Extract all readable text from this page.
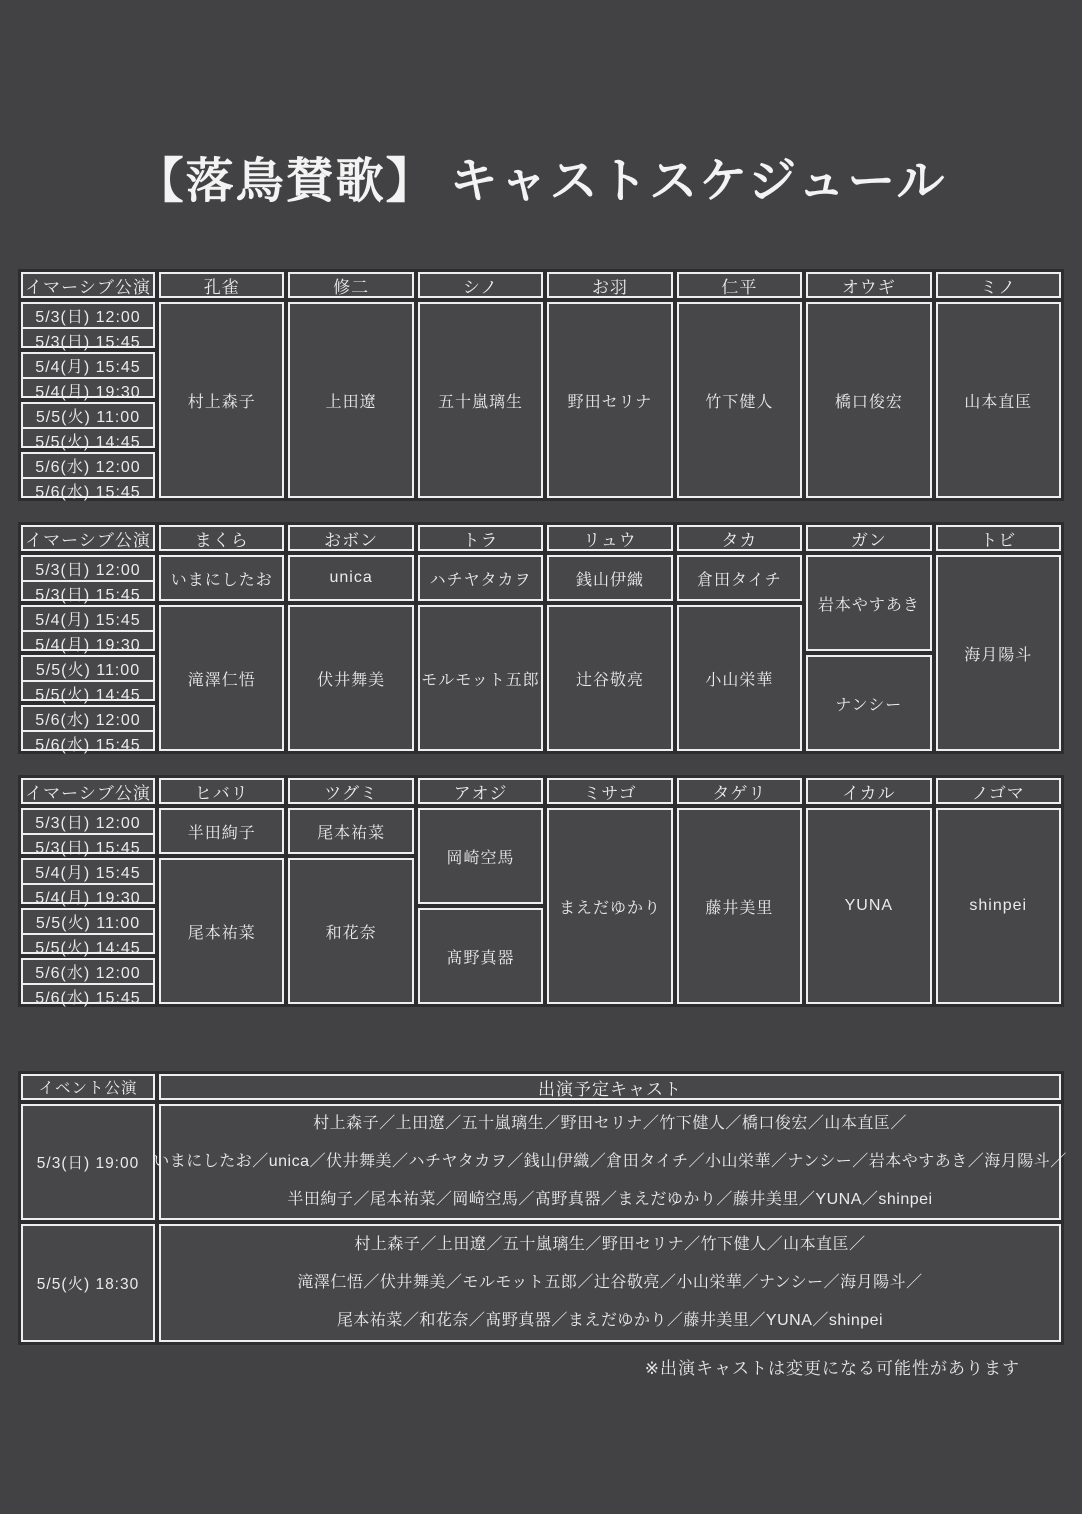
【落鳥賛歌】 キャストスケジュール
イマーシブ公演
5/3(日) 12:00
5/3(日) 15:45
5/4(月) 15:45
5/4(月) 19:30
5/5(火) 11:00
5/5(火) 14:45
5/6(水) 12:00
5/6(水) 15:45
孔雀
村上森子
修二
上田遼
シノ
五十嵐璃生
お羽
野田セリナ
仁平
竹下健人
オウギ
橋口俊宏
ミノ
山本直匡
イマーシブ公演
5/3(日) 12:00
5/3(日) 15:45
5/4(月) 15:45
5/4(月) 19:30
5/5(火) 11:00
5/5(火) 14:45
5/6(水) 12:00
5/6(水) 15:45
まくら
いまにしたお
滝澤仁悟
おボン
unica
伏井舞美
トラ
ハチヤタカヲ
モルモット五郎
リュウ
銭山伊織
辻谷敬亮
タカ
倉田タイチ
小山栄華
ガン
岩本やすあき
ナンシー
トビ
海月陽斗
イマーシブ公演
5/3(日) 12:00
5/3(日) 15:45
5/4(月) 15:45
5/4(月) 19:30
5/5(火) 11:00
5/5(火) 14:45
5/6(水) 12:00
5/6(水) 15:45
ヒバリ
半田絢子
尾本祐菜
ツグミ
尾本祐菜
和花奈
アオジ
岡崎空馬
髙野真器
ミサゴ
まえだゆかり
タゲリ
藤井美里
イカル
YUNA
ノゴマ
shinpei
イベント公演	出演予定キャスト
5/3(日) 19:00
村上森子／上田遼／五十嵐璃生／野田セリナ／竹下健人／橋口俊宏／山本直匡／
いまにしたお／unica／伏井舞美／ハチヤタカヲ／銭山伊織／倉田タイチ／小山栄華／ナンシー／岩本やすあき／海月陽斗／
半田絢子／尾本祐菜／岡崎空馬／髙野真器／まえだゆかり／藤井美里／YUNA／shinpei
5/5(火) 18:30
村上森子／上田遼／五十嵐璃生／野田セリナ／竹下健人／山本直匡／
滝澤仁悟／伏井舞美／モルモット五郎／辻谷敬亮／小山栄華／ナンシー／海月陽斗／
尾本祐菜／和花奈／髙野真器／まえだゆかり／藤井美里／YUNA／shinpei
※出演キャストは変更になる可能性があります
